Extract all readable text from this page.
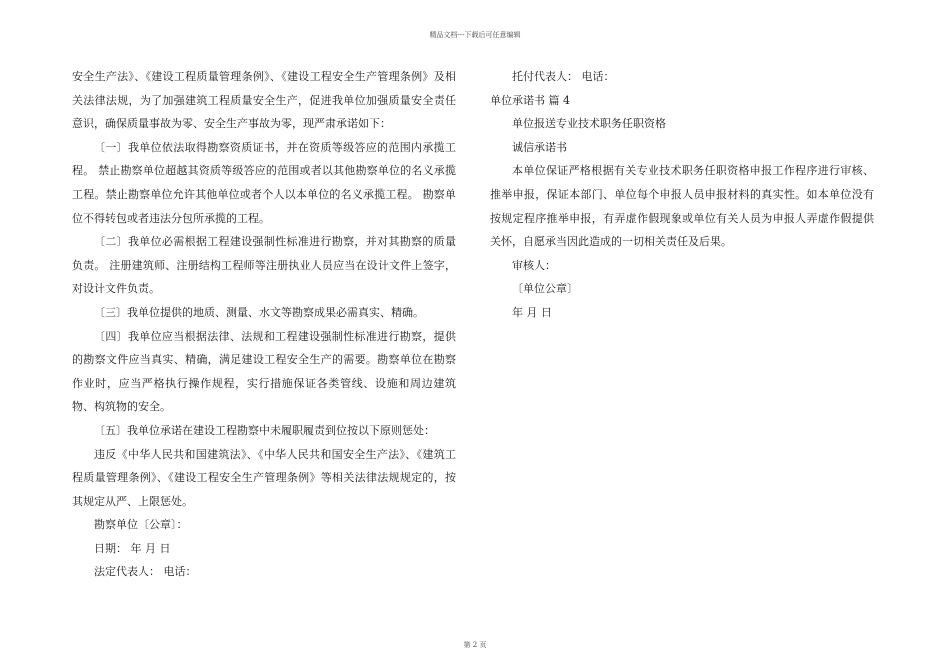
精品文档---下载后可任意编辑

安全生产法》、《建设工程质量管理条例》、《建设工程安全生产管理条例》及相关法律法规，为了加强建筑工程质量安全生产，促进我单位加强质量安全责任意识，确保质量事故为零、安全生产事故为零，现严肃承诺如下：

〔一〕我单位依法取得勘察资质证书，并在资质等级答应的范围内承揽工程。 禁止勘察单位超越其资质等级答应的范围或者以其他勘察单位的名义承揽工程。禁止勘察单位允许其他单位或者个人以本单位的名义承揽工程。 勘察单位不得转包或者违法分包所承揽的工程。

〔二〕我单位必需根据工程建设强制性标准进行勘察，并对其勘察的质量负责。 注册建筑师、注册结构工程师等注册执业人员应当在设计文件上签字，对设计文件负责。

〔三〕我单位提供的地质、测量、水文等勘察成果必需真实、精确。

〔四〕我单位应当根据法律、法规和工程建设强制性标准进行勘察，提供的勘察文件应当真实、精确，满足建设工程安全生产的需要。勘察单位在勘察作业时，应当严格执行操作规程，实行措施保证各类管线、设施和周边建筑物、构筑物的安全。

〔五〕我单位承诺在建设工程勘察中未履职履责到位按以下原则惩处：

违反《中华人民共和国建筑法》、《中华人民共和国安全生产法》、《建筑工程质量管理条例》、《建设工程安全生产管理条例》等相关法律法规规定的，按其规定从严、上限惩处。

勘察单位〔公章〕：

日期： 年 月 日

法定代表人： 电话：

托付代表人： 电话：

单位承诺书 篇 4

单位报送专业技术职务任职资格

诚信承诺书

本单位保证严格根据有关专业技术职务任职资格申报工作程序进行审核、推举申报，保证本部门、单位每个申报人员申报材料的真实性。如本单位没有按规定程序推举申报，有弄虚作假现象或单位有关人员为申报人弄虚作假提供关怀，自愿承当因此造成的一切相关责任及后果。

审核人：

〔单位公章〕

年 月 日

第 2 页
